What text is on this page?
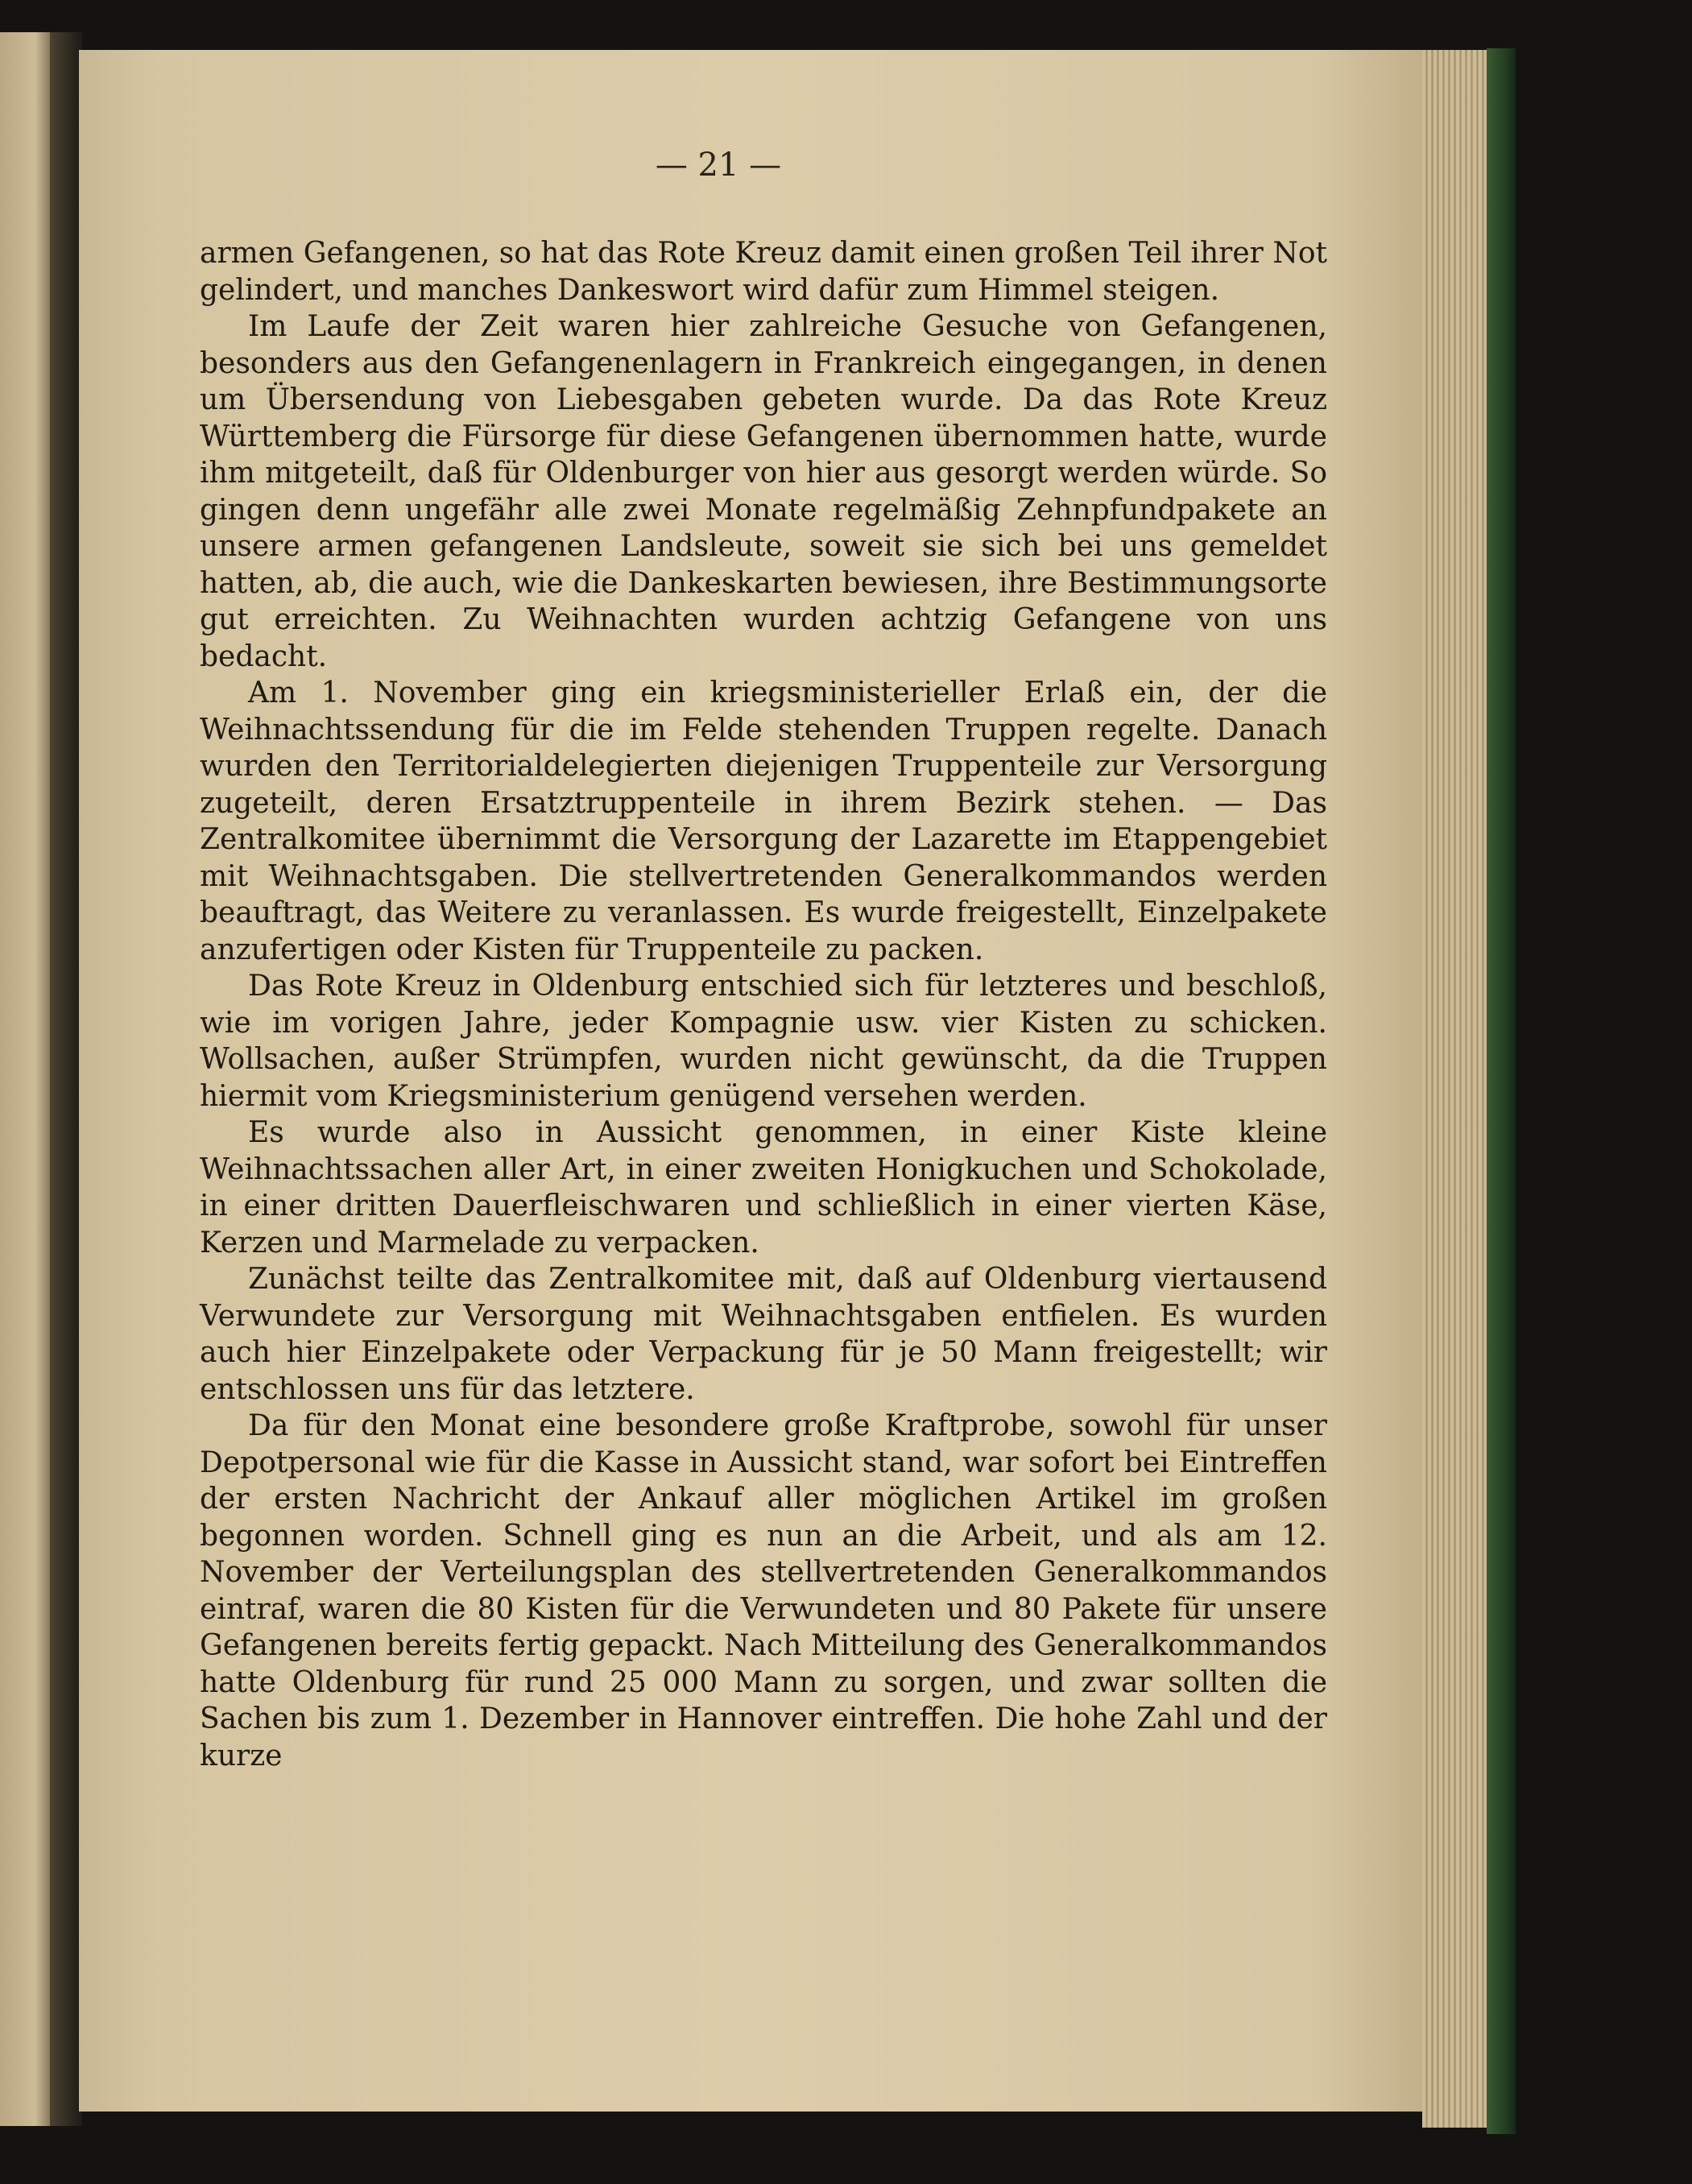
— 21 —

armen Gefangenen, so hat das Rote Kreuz damit einen großen Teil ihrer Not gelindert, und manches Dankeswort wird dafür zum Himmel steigen.

Im Laufe der Zeit waren hier zahlreiche Gesuche von Gefangenen, besonders aus den Gefangenenlagern in Frankreich eingegangen, in denen um Übersendung von Liebesgaben gebeten wurde. Da das Rote Kreuz Württemberg die Fürsorge für diese Gefangenen übernommen hatte, wurde ihm mitgeteilt, daß für Oldenburger von hier aus gesorgt werden würde. So gingen denn ungefähr alle zwei Monate regelmäßig Zehnpfundpakete an unsere armen gefangenen Landsleute, soweit sie sich bei uns gemeldet hatten, ab, die auch, wie die Dankeskarten bewiesen, ihre Bestimmungsorte gut erreichten. Zu Weihnachten wurden achtzig Gefangene von uns bedacht.

Am 1. November ging ein kriegsministerieller Erlaß ein, der die Weihnachtssendung für die im Felde stehenden Truppen regelte. Danach wurden den Territorialdelegierten diejenigen Truppenteile zur Versorgung zugeteilt, deren Ersatztruppenteile in ihrem Bezirk stehen. — Das Zentralkomitee übernimmt die Versorgung der Lazarette im Etappengebiet mit Weihnachtsgaben. Die stellvertretenden Generalkommandos werden beauftragt, das Weitere zu veranlassen. Es wurde freigestellt, Einzelpakete anzufertigen oder Kisten für Truppenteile zu packen.

Das Rote Kreuz in Oldenburg entschied sich für letzteres und beschloß, wie im vorigen Jahre, jeder Kompagnie usw. vier Kisten zu schicken. Wollsachen, außer Strümpfen, wurden nicht gewünscht, da die Truppen hiermit vom Kriegsministerium genügend versehen werden.

Es wurde also in Aussicht genommen, in einer Kiste kleine Weihnachtssachen aller Art, in einer zweiten Honigkuchen und Schokolade, in einer dritten Dauerfleischwaren und schließlich in einer vierten Käse, Kerzen und Marmelade zu verpacken.

Zunächst teilte das Zentralkomitee mit, daß auf Oldenburg viertausend Verwundete zur Versorgung mit Weihnachtsgaben entfielen. Es wurden auch hier Einzelpakete oder Verpackung für je 50 Mann freigestellt; wir entschlossen uns für das letztere.

Da für den Monat eine besondere große Kraftprobe, sowohl für unser Depotpersonal wie für die Kasse in Aussicht stand, war sofort bei Eintreffen der ersten Nachricht der Ankauf aller möglichen Artikel im großen begonnen worden. Schnell ging es nun an die Arbeit, und als am 12. November der Verteilungsplan des stellvertretenden Generalkommandos eintraf, waren die 80 Kisten für die Verwundeten und 80 Pakete für unsere Gefangenen bereits fertig gepackt. Nach Mitteilung des Generalkommandos hatte Oldenburg für rund 25 000 Mann zu sorgen, und zwar sollten die Sachen bis zum 1. Dezember in Hannover eintreffen. Die hohe Zahl und der kurze
